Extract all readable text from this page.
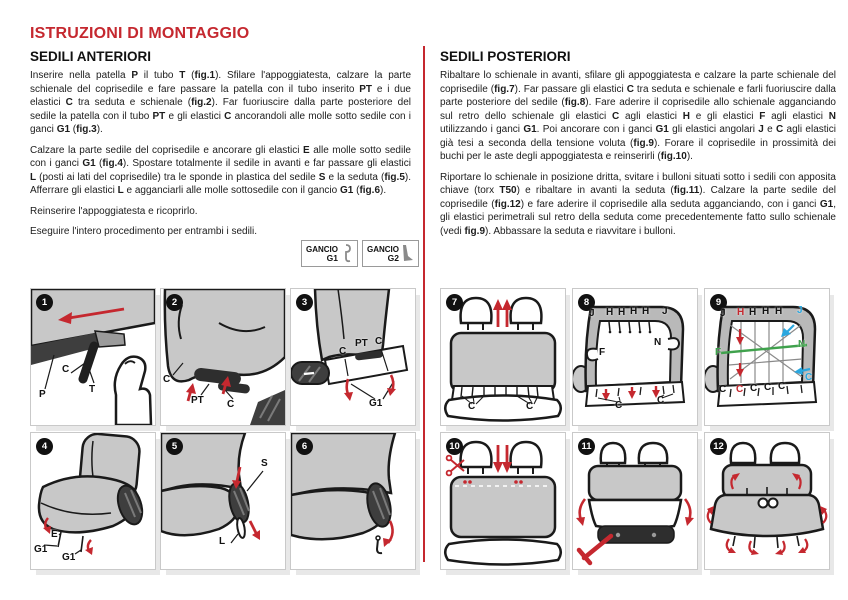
ISTRUZIONI DI MONTAGGIO
SEDILI ANTERIORI	SEDILI POSTERIORI

Inserire nella patella P il tubo T (fig.1). Sfilare l'appoggiatesta, calzare la parte schienale del coprisedile e fare passare la patella con il tubo inserito PT e i due elastici C tra seduta e schienale (fig.2). Far fuoriuscire dalla parte posteriore del sedile la patella con il tubo PT e gli elastici C ancorandoli alle molle sotto sedile con i ganci G1 (fig.3).

Calzare la parte sedile del coprisedile e ancorare gli elastici E alle molle sotto sedile con i ganci G1 (fig.4). Spostare totalmente il sedile in avanti e far passare gli elastici L (posti ai lati del coprisedile) tra le sponde in plastica del sedile S e la seduta (fig.5). Afferrare gli elastici L e agganciarli alle molle sottosedile con il gancio G1 (fig.6).

Reinserire l'appoggiatesta e ricoprirlo.

Eseguire l'intero procedimento per entrambi i sedili.

Ribaltare lo schienale in avanti, sfilare gli appoggiatesta e calzare la parte schienale del coprisedile (fig.7). Far passare gli elastici C tra seduta e schienale e farli fuoriuscire dalla parte posteriore del sedile (fig.8). Fare aderire il coprisedile allo schienale agganciando sul retro dello schienale gli elastici C agli elastici H e gli elastici F agli elastici N utilizzando i ganci G1. Poi ancorare con i ganci G1 gli elastici angolari J e C agli elastici già tesi a seconda della tensione voluta (fig.9). Forare il coprisedile in prossimità dei buchi per le aste degli appoggiatesta e reinserirli (fig.10).

Riportare lo schienale in posizione dritta, svitare i bulloni situati sotto i sedili con apposita chiave (torx T50) e ribaltare in avanti la seduta (fig.11). Calzare la parte sedile del coprisedile (fig.12) e fare aderire il coprisedile alla seduta agganciando, con i ganci G1, gli elastici perimetrali sul retro della seduta come precedentemente fatto sullo schienale (vedi fig.9). Abbassare la seduta e riavvitare i bulloni.

GANCIO
G1
GANCIO
G2
1
P
C
T
2
C
PT C
3
C
PT C
G1
4
E
G1
G1
5
S
L
6
7
C	C
8
J H H H H J
F
N
C	C
9
J H H H H J
F
N
C C C C C
C
10	11	12
